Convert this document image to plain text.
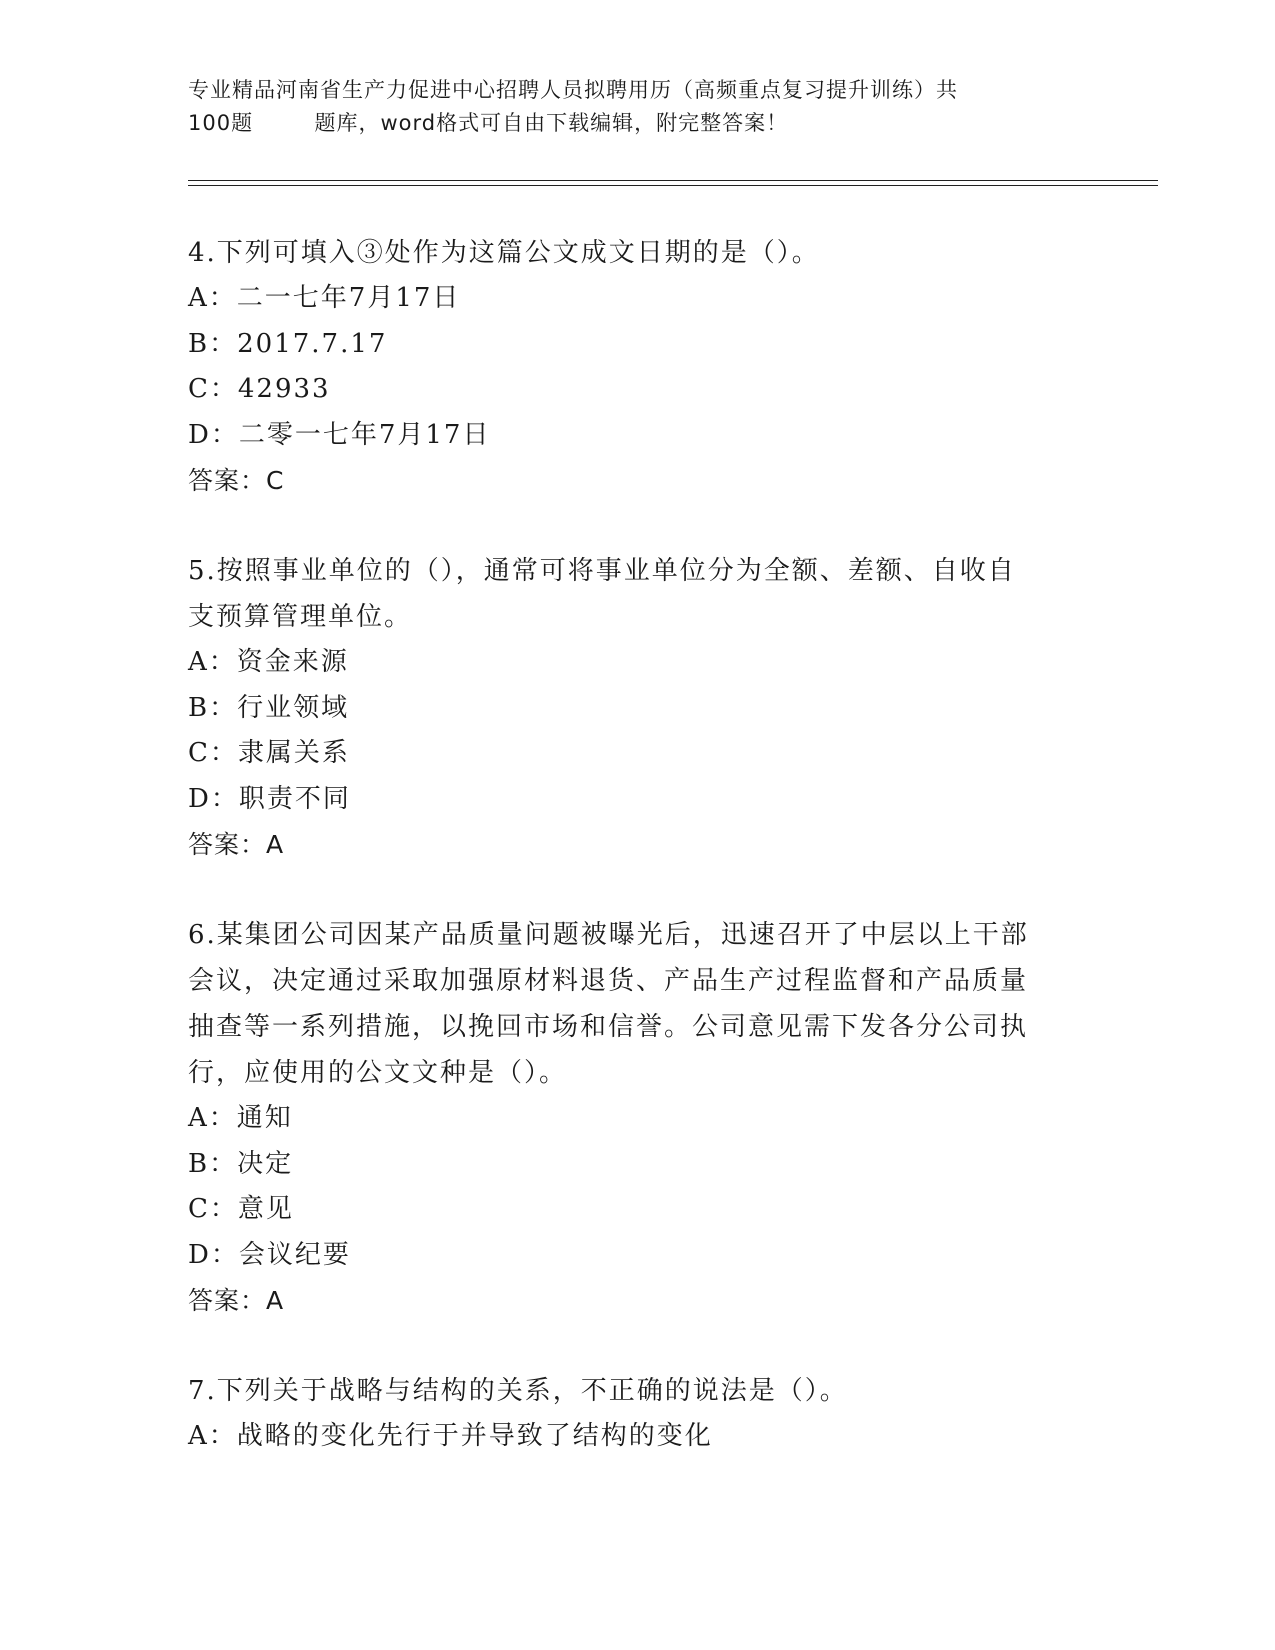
专业精品河南省生产力促进中心招聘人员拟聘用历（高频重点复习提升训练）共
100题        题库，word格式可自由下载编辑，附完整答案！

4.下列可填入③处作为这篇公文成文日期的是（）。

A：二一七年7月17日

B：2017.7.17

C：42933

D：二零一七年7月17日

答案：C

5.按照事业单位的（），通常可将事业单位分为全额、差额、自收自

支预算管理单位。

A：资金来源

B：行业领域

C：隶属关系

D：职责不同

答案：A

6.某集团公司因某产品质量问题被曝光后，迅速召开了中层以上干部

会议，决定通过采取加强原材料退货、产品生产过程监督和产品质量

抽查等一系列措施，以挽回市场和信誉。公司意见需下发各分公司执

行，应使用的公文文种是（）。

A：通知

B：决定

C：意见

D：会议纪要

答案：A

7.下列关于战略与结构的关系，不正确的说法是（）。

A：战略的变化先行于并导致了结构的变化
